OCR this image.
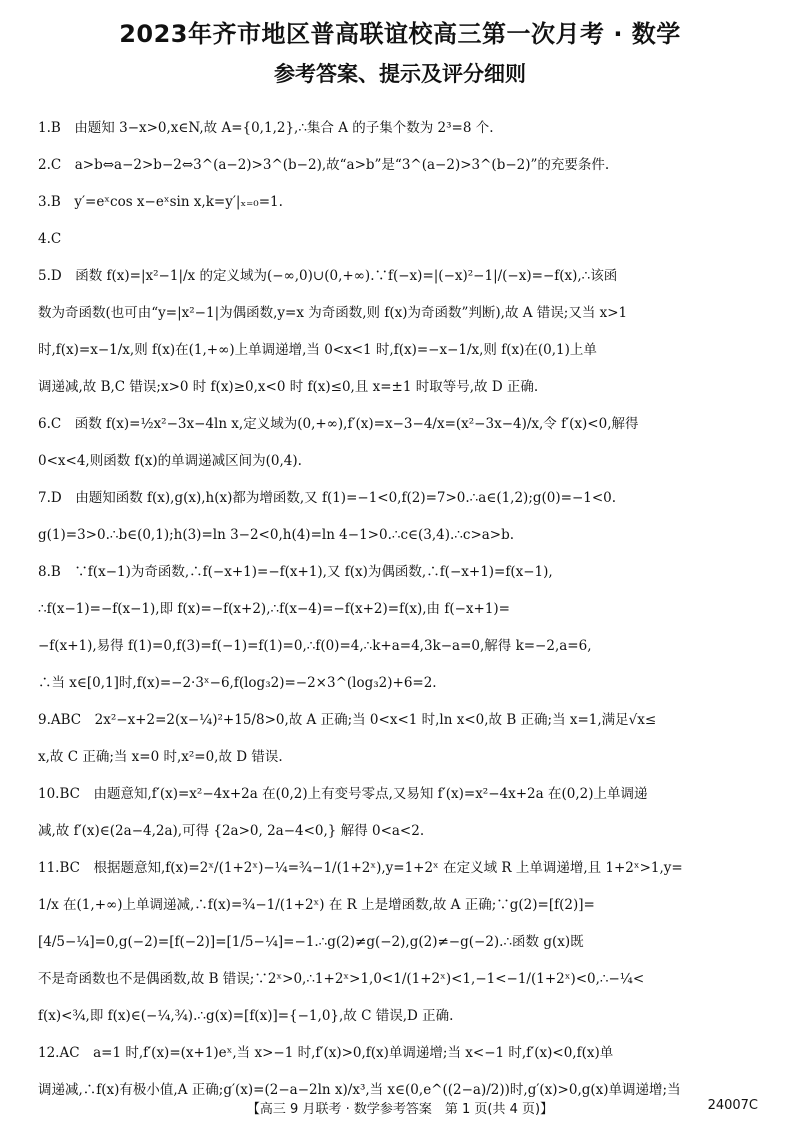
2023年齐市地区普高联谊校高三第一次月考 · 数学
参考答案、提示及评分细则
1.B　 由题知 3−x>0,x∈N,故 A={0,1,2},∴集合 A 的子集个数为 2³=8 个.
2.C　 a>b⇔a−2>b−2⇔3^(a−2)>3^(b−2),故“a>b”是“3^(a−2)>3^(b−2)”的充要条件.
3.B　 y′=eˣcos x−eˣsin x,k=y′|ₓ₌₀=1.
4.C
5.D　 函数 f(x)=|x²−1|/x 的定义域为(−∞,0)∪(0,+∞).∵f(−x)=|(−x)²−1|/(−x)=−f(x),∴该函
数为奇函数(也可由“y=|x²−1|为偶函数,y=x 为奇函数,则 f(x)为奇函数”判断),故 A 错误;又当 x>1
时,f(x)=x−1/x,则 f(x)在(1,+∞)上单调递增,当 0<x<1 时,f(x)=−x−1/x,则 f(x)在(0,1)上单
调递减,故 B,C 错误;x>0 时 f(x)≥0,x<0 时 f(x)≤0,且 x=±1 时取等号,故 D 正确.
6.C　 函数 f(x)=½x²−3x−4ln x,定义域为(0,+∞),f′(x)=x−3−4/x=(x²−3x−4)/x,令 f′(x)<0,解得
0<x<4,则函数 f(x)的单调递减区间为(0,4).
7.D　 由题知函数 f(x),g(x),h(x)都为增函数,又 f(1)=−1<0,f(2)=7>0.∴a∈(1,2);g(0)=−1<0.
g(1)=3>0.∴b∈(0,1);h(3)=ln 3−2<0,h(4)=ln 4−1>0.∴c∈(3,4).∴c>a>b.
8.B　 ∵f(x−1)为奇函数,∴f(−x+1)=−f(x+1),又 f(x)为偶函数,∴f(−x+1)=f(x−1),
∴f(x−1)=−f(x−1),即 f(x)=−f(x+2),∴f(x−4)=−f(x+2)=f(x),由 f(−x+1)=
−f(x+1),易得 f(1)=0,f(3)=f(−1)=f(1)=0,∴f(0)=4,∴k+a=4,3k−a=0,解得 k=−2,a=6,
∴当 x∈[0,1]时,f(x)=−2·3ˣ−6,f(log₃2)=−2×3^(log₃2)+6=2.
9.ABC　 2x²−x+2=2(x−¼)²+15/8>0,故 A 正确;当 0<x<1 时,ln x<0,故 B 正确;当 x=1,满足√x≤
x,故 C 正确;当 x=0 时,x²=0,故 D 错误.
10.BC　 由题意知,f′(x)=x²−4x+2a 在(0,2)上有变号零点,又易知 f′(x)=x²−4x+2a 在(0,2)上单调递
减,故 f′(x)∈(2a−4,2a),可得 {2a>0, 2a−4<0,} 解得 0<a<2.
11.BC　 根据题意知,f(x)=2ˣ/(1+2ˣ)−¼=¾−1/(1+2ˣ),y=1+2ˣ 在定义域 R 上单调递增,且 1+2ˣ>1,y=
1/x 在(1,+∞)上单调递减,∴f(x)=¾−1/(1+2ˣ) 在 R 上是增函数,故 A 正确;∵g(2)=[f(2)]=
[4/5−¼]=0,g(−2)=[f(−2)]=[1/5−¼]=−1.∴g(2)≠g(−2),g(2)≠−g(−2).∴函数 g(x)既
不是奇函数也不是偶函数,故 B 错误;∵2ˣ>0,∴1+2ˣ>1,0<1/(1+2ˣ)<1,−1<−1/(1+2ˣ)<0,∴−¼<
f(x)<¾,即 f(x)∈(−¼,¾).∴g(x)=[f(x)]={−1,0},故 C 错误,D 正确.
12.AC　 a=1 时,f′(x)=(x+1)eˣ,当 x>−1 时,f′(x)>0,f(x)单调递增;当 x<−1 时,f′(x)<0,f(x)单
调递减,∴f(x)有极小值,A 正确;g′(x)=(2−a−2ln x)/x³,当 x∈(0,e^((2−a)/2))时,g′(x)>0,g(x)单调递增;当
【高三 9 月联考 · 数学参考答案　第 1 页(共 4 页)】	24007C
